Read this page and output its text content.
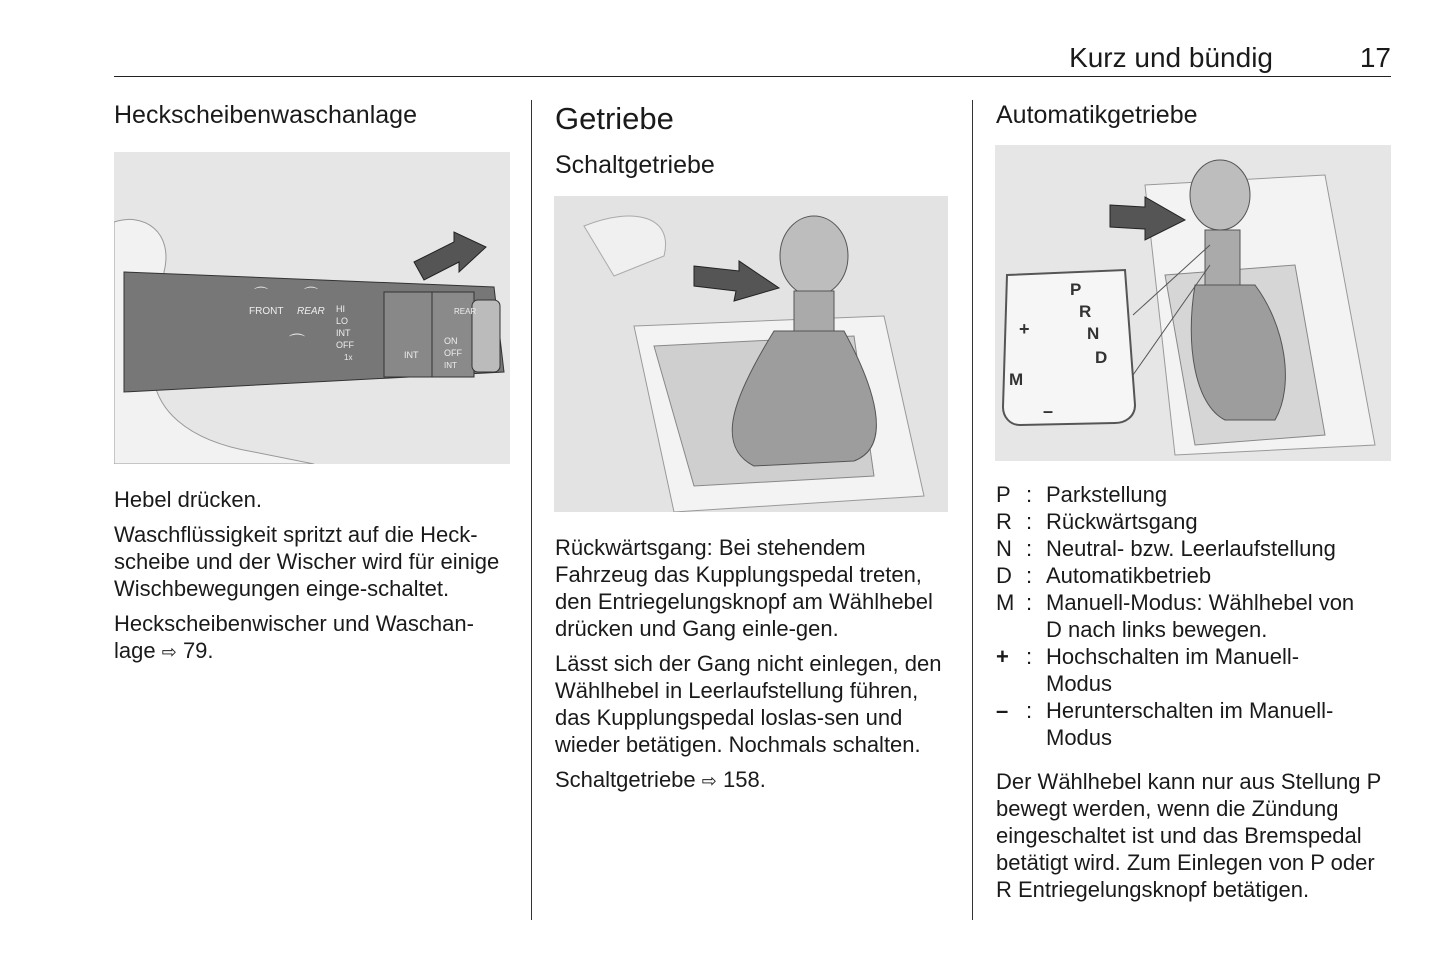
Kurz und bündig	17
Heckscheibenwaschanlage
FRONT REAR
⌒	⌒
⌒
HI
LO
INT
OFF
1x	INT
REAR
ON
OFF
INT

Hebel drücken.

Waschflüssigkeit spritzt auf die Heck-scheibe und der Wischer wird für einige Wischbewegungen einge-schaltet.

Heckscheibenwischer und Waschan-lage ⇨ 79.

Getriebe
Schaltgetriebe

Rückwärtsgang: Bei stehendem Fahrzeug das Kupplungspedal treten, den Entriegelungsknopf am Wählhebel drücken und Gang einle-gen.

Lässt sich der Gang nicht einlegen, den Wählhebel in Leerlaufstellung führen, das Kupplungspedal loslas-sen und wieder betätigen. Nochmals schalten.

Schaltgetriebe ⇨ 158.

Automatikgetriebe
P
R
N
D
M
+
–
P : Parkstellung
R : Rückwärtsgang
N : Neutral- bzw. Leerlaufstellung
D : Automatikbetrieb
M : Manuell-Modus: Wählhebel von
D nach links bewegen.
+ : Hochschalten im Manuell-
Modus
– : Herunterschalten im Manuell-
Modus

Der Wählhebel kann nur aus Stellung P bewegt werden, wenn die Zündung eingeschaltet ist und das Bremspedal betätigt wird. Zum Einlegen von P oder R Entriegelungsknopf betätigen.
